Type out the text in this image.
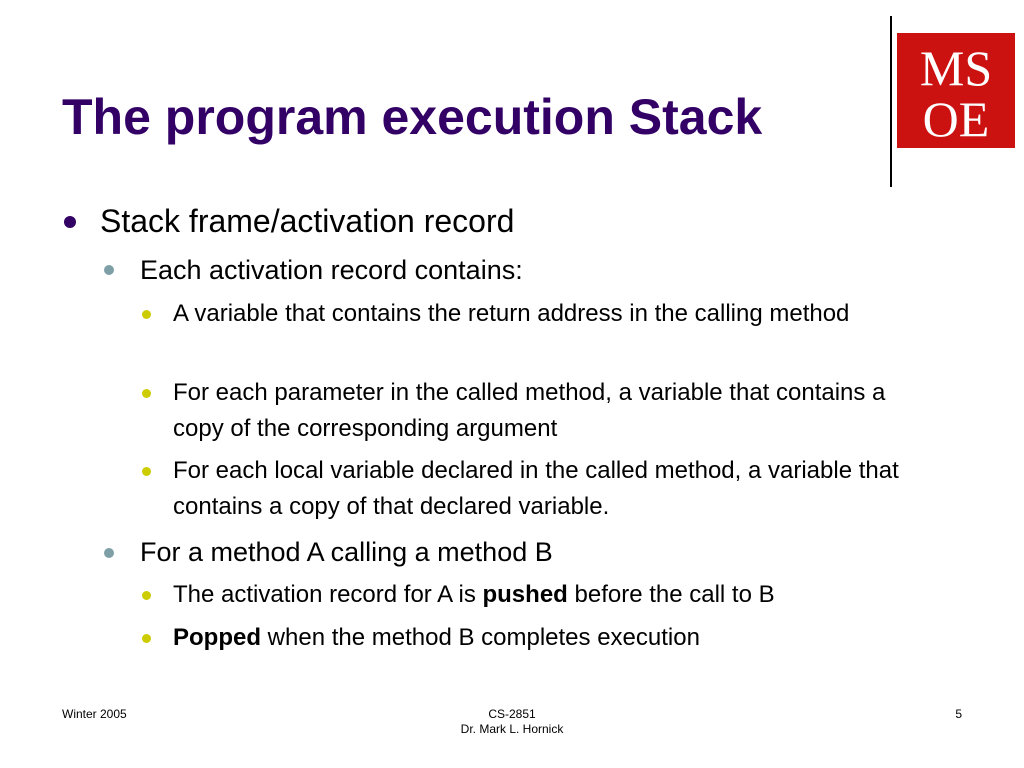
The program execution Stack
MS
OE
Stack frame/activation record
Each activation record contains:
A variable that contains the return address in the calling method
For each parameter in the called method, a variable that contains a copy of the corresponding argument
For each local variable declared in the called method, a variable that contains a copy of that declared variable.
For a method A calling a method B
The activation record for A is pushed before the call to B
Popped when the method B completes execution
Winter 2005	CS-2851
Dr. Mark L. Hornick
5
